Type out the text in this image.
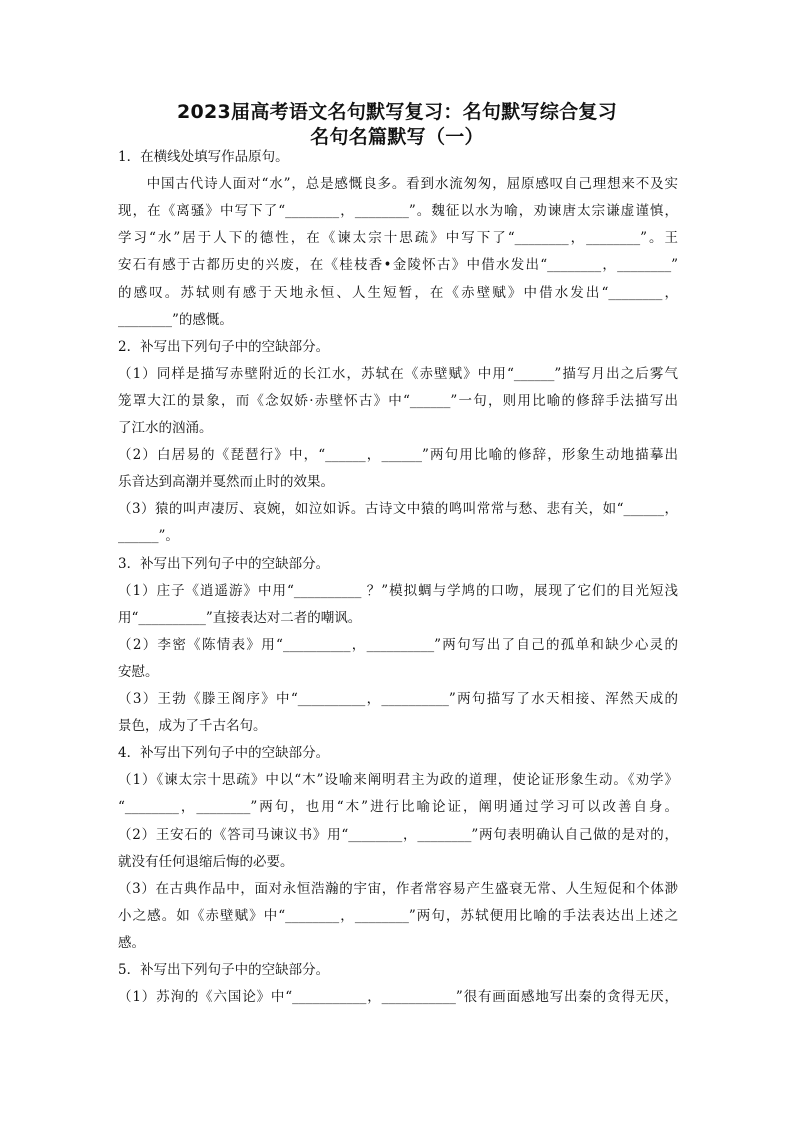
2023届高考语文名句默写复习：名句默写综合复习
名句名篇默写（一）
1．在横线处填写作品原句。
　　中国古代诗人面对“水”，总是感慨良多。看到水流匆匆，屈原感叹自己理想来不及实
现，在《离骚》中写下了“________，________”。魏征以水为喻，劝谏唐太宗谦虚谨慎，
学习“水”居于人下的德性，在《谏太宗十思疏》中写下了“________，________”。王
安石有感于古都历史的兴废，在《桂枝香•金陵怀古》中借水发出“________，________”
的感叹。苏轼则有感于天地永恒、人生短暂，在《赤壁赋》中借水发出“________，
________”的感慨。
2．补写出下列句子中的空缺部分。
（1）同样是描写赤壁附近的长江水，苏轼在《赤壁赋》中用“______”描写月出之后雾气
笼罩大江的景象，而《念奴娇·赤壁怀古》中“______”一句，则用比喻的修辞手法描写出
了江水的汹涌。
（2）白居易的《琵琶行》中，“______，______”两句用比喻的修辞，形象生动地描摹出
乐音达到高潮并戛然而止时的效果。
（3）猿的叫声凄厉、哀婉，如泣如诉。古诗文中猿的鸣叫常常与愁、悲有关，如“______，
______”。
3．补写出下列句子中的空缺部分。
（1）庄子《逍遥游》中用“__________ ？”模拟蜩与学鸠的口吻，展现了它们的目光短浅
用“__________”直接表达对二者的嘲讽。
（2）李密《陈情表》用“__________，__________”两句写出了自己的孤单和缺少心灵的
安慰。
（3）王勃《滕王阁序》中“__________，__________”两句描写了水天相接、浑然天成的
景色，成为了千古名句。
4．补写出下列句子中的空缺部分。
（1）《谏太宗十思疏》中以“木”设喻来阐明君主为政的道理，使论证形象生动。《劝学》
“________，________”两句，也用“木”进行比喻论证，阐明通过学习可以改善自身。
（2）王安石的《答司马谏议书》用“________，________”两句表明确认自己做的是对的，
就没有任何退缩后悔的必要。
（3）在古典作品中，面对永恒浩瀚的宇宙，作者常容易产生盛衰无常、人生短促和个体渺
小之感。如《赤壁赋》中“________，________”两句，苏轼便用比喻的手法表达出上述之
感。
5．补写出下列句子中的空缺部分。
（1）苏洵的《六国论》中“___________，___________”很有画面感地写出秦的贪得无厌，
